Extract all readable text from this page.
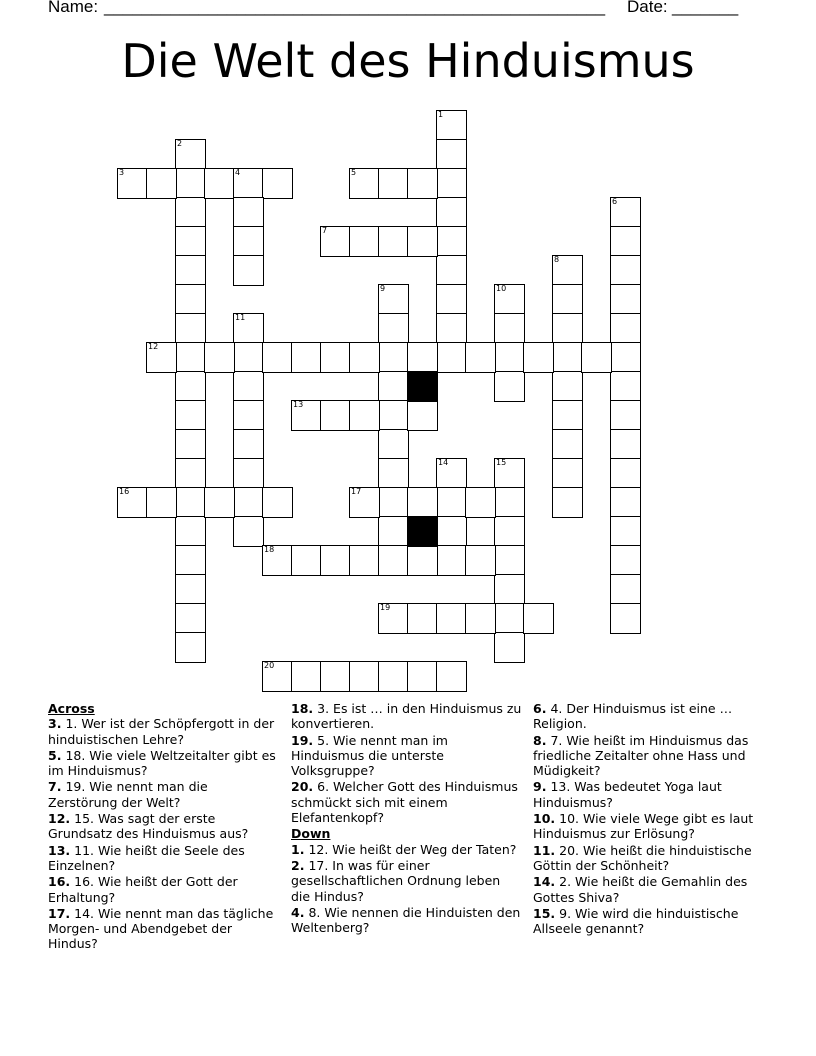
Name: _____________________________________________________ Date: _______
Die Welt des Hinduismus
1
2
3	4	5
6
7
8
9	10
11
12
13
14	15
16	17
18
19
20
Across
3. 1. Wer ist der Schöpfergott in der hinduistischen Lehre?
5. 18. Wie viele Weltzeitalter gibt es im Hinduismus?
7. 19. Wie nennt man die Zerstörung der Welt?
12. 15. Was sagt der erste Grundsatz des Hinduismus aus?
13. 11. Wie heißt die Seele des Einzelnen?
16. 16. Wie heißt der Gott der Erhaltung?
17. 14. Wie nennt man das tägliche Morgen- und Abendgebet der Hindus?
18. 3. Es ist … in den Hinduismus zu konvertieren.
19. 5. Wie nennt man im Hinduismus die unterste Volksgruppe?
20. 6. Welcher Gott des Hinduismus schmückt sich mit einem Elefantenkopf?
Down
1. 12. Wie heißt der Weg der Taten?
2. 17. In was für einer gesellschaftlichen Ordnung leben die Hindus?
4. 8. Wie nennen die Hinduisten den Weltenberg?
6. 4. Der Hinduismus ist eine … Religion.
8. 7. Wie heißt im Hinduismus das friedliche Zeitalter ohne Hass und Müdigkeit?
9. 13. Was bedeutet Yoga laut Hinduismus?
10. 10. Wie viele Wege gibt es laut Hinduismus zur Erlösung?
11. 20. Wie heißt die hinduistische Göttin der Schönheit?
14. 2. Wie heißt die Gemahlin des Gottes Shiva?
15. 9. Wie wird die hinduistische Allseele genannt?
